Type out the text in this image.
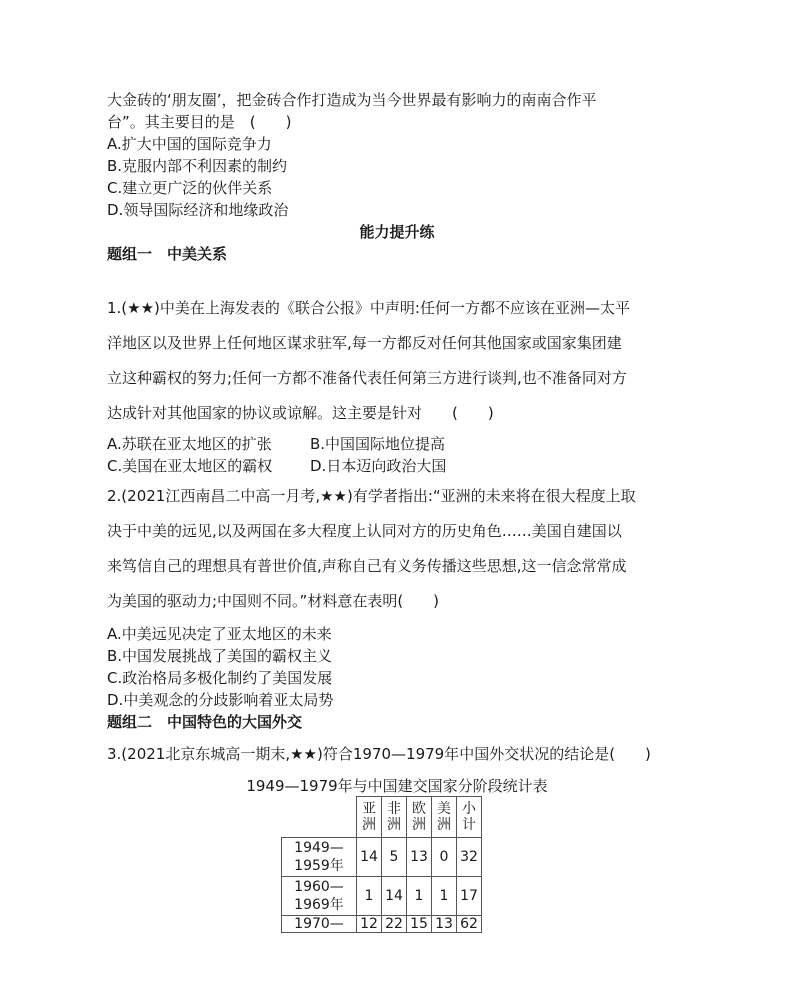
大金砖的‘朋友圈’，把金砖合作打造成为当今世界最有影响力的南南合作平
台”。其主要目的是　(　　)
A.扩大中国的国际竞争力
B.克服内部不利因素的制约
C.建立更广泛的伙伴关系
D.领导国际经济和地缘政治
能力提升练
题组一　中美关系
1.(★★)中美在上海发表的《联合公报》中声明:任何一方都不应该在亚洲—太平
洋地区以及世界上任何地区谋求驻军,每一方都反对任何其他国家或国家集团建
立这种霸权的努力;任何一方都不准备代表任何第三方进行谈判,也不准备同对方
达成针对其他国家的协议或谅解。这主要是针对　　(　　)
A.苏联在亚太地区的扩张	B.中国国际地位提高
C.美国在亚太地区的霸权	D.日本迈向政治大国
2.(2021江西南昌二中高一月考,★★)有学者指出:“亚洲的未来将在很大程度上取
决于中美的远见,以及两国在多大程度上认同对方的历史角色……美国自建国以
来笃信自己的理想具有普世价值,声称自己有义务传播这些思想,这一信念常常成
为美国的驱动力;中国则不同。”材料意在表明(　　)
A.中美远见决定了亚太地区的未来
B.中国发展挑战了美国的霸权主义
C.政治格局多极化制约了美国发展
D.中美观念的分歧影响着亚太局势
题组二　中国特色的大国外交
3.(2021北京东城高一期末,★★)符合1970—1979年中国外交状况的结论是(　　)
1949—1979年与中国建交国家分阶段统计表

	亚洲	非洲	欧洲	美洲	小计

1949—
1959年	14	5	13	0	32
1960—
1969年	1	14	1	1	17
1970—	12	22	15	13	62
